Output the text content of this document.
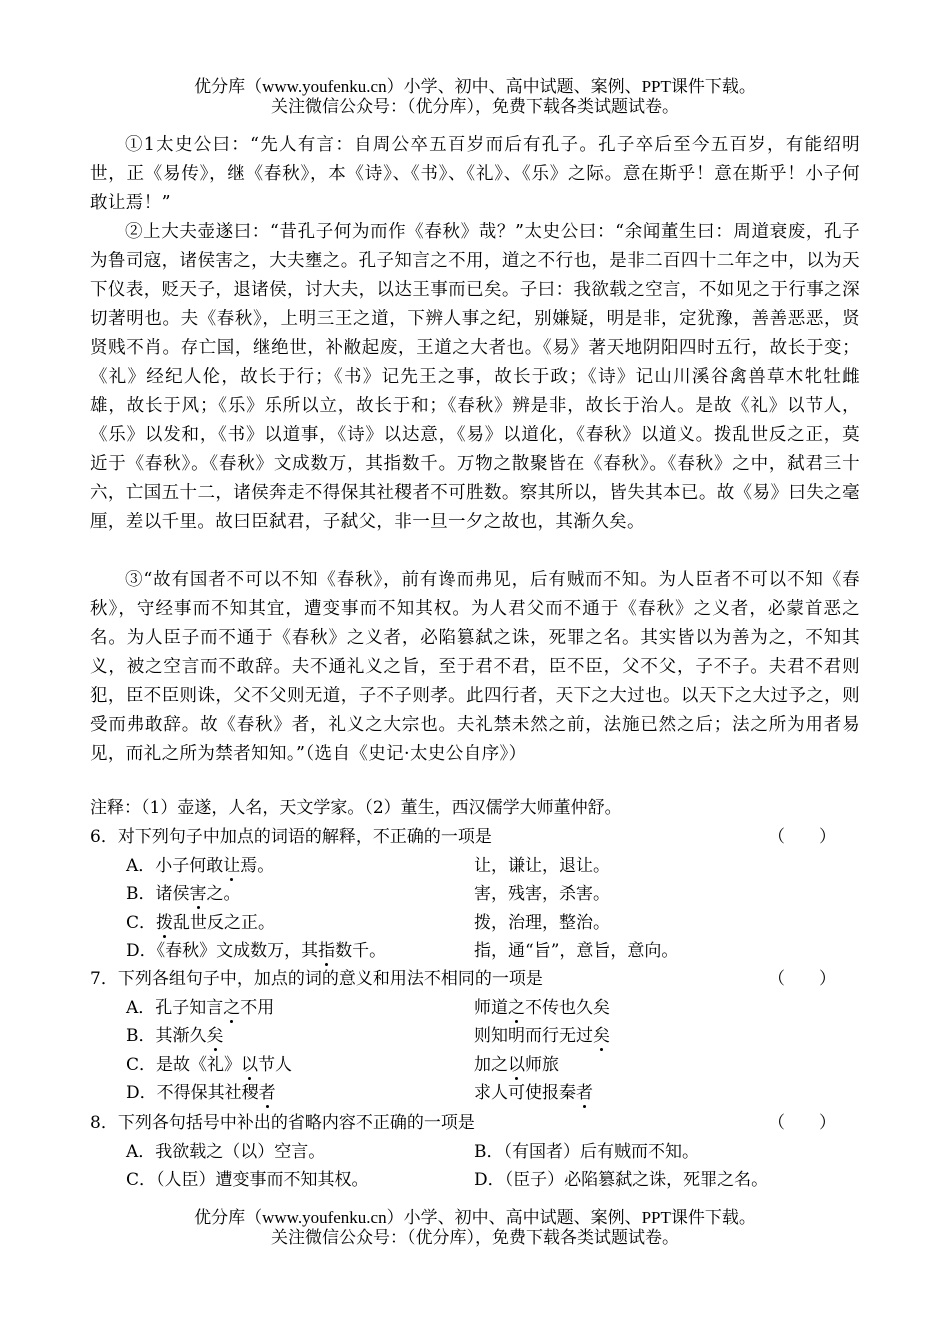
优分库（www.youfenku.cn）小学、初中、高中试题、案例、PPT课件下载。
关注微信公众号：（优分库），免费下载各类试题试卷。

①1太史公曰：“先人有言：自周公卒五百岁而后有孔子。孔子卒后至今五百岁，有能绍明世，正《易传》，继《春秋》，本《诗》、《书》、《礼》、《乐》之际。意在斯乎！意在斯乎！小子何敢让焉！”

②上大夫壶遂曰：“昔孔子何为而作《春秋》哉？”太史公曰：“余闻董生曰：周道衰废，孔子为鲁司寇，诸侯害之，大夫壅之。孔子知言之不用，道之不行也，是非二百四十二年之中，以为天下仪表，贬天子，退诸侯，讨大夫，以达王事而已矣。子曰：我欲载之空言，不如见之于行事之深切著明也。夫《春秋》，上明三王之道，下辨人事之纪，别嫌疑，明是非，定犹豫，善善恶恶，贤贤贱不肖。存亡国，继绝世，补敝起废，王道之大者也。《易》著天地阴阳四时五行，故长于变；《礼》经纪人伦，故长于行；《书》记先王之事，故长于政；《诗》记山川溪谷禽兽草木牝牡雌雄，故长于风；《乐》乐所以立，故长于和；《春秋》辨是非，故长于治人。是故《礼》以节人，《乐》以发和，《书》以道事，《诗》以达意，《易》以道化，《春秋》以道义。拨乱世反之正，莫近于《春秋》。《春秋》文成数万，其指数千。万物之散聚皆在《春秋》。《春秋》之中，弑君三十六，亡国五十二，诸侯奔走不得保其社稷者不可胜数。察其所以，皆失其本已。故《易》曰失之毫厘，差以千里。故曰臣弑君，子弑父，非一旦一夕之故也，其渐久矣。

③“故有国者不可以不知《春秋》，前有谗而弗见，后有贼而不知。为人臣者不可以不知《春秋》，守经事而不知其宜，遭变事而不知其权。为人君父而不通于《春秋》之义者，必蒙首恶之名。为人臣子而不通于《春秋》之义者，必陷篡弑之诛，死罪之名。其实皆以为善为之，不知其义，被之空言而不敢辞。夫不通礼义之旨，至于君不君，臣不臣，父不父，子不子。夫君不君则犯，臣不臣则诛，父不父则无道，子不子则孝。此四行者，天下之大过也。以天下之大过予之，则受而弗敢辞。故《春秋》者，礼义之大宗也。夫礼禁未然之前，法施已然之后；法之所为用者易见，而礼之所为禁者知知。”（选自《史记·太史公自序》）

注释：（1）壶遂，人名，天文学家。（2）董生，西汉儒学大师董仲舒。
6．对下列句子中加点的词语的解释，不正确的一项是	（　　）
A．小子何敢让焉。	让，谦让，退让。
B．诸侯害之。	害，残害，杀害。
C．拨乱世反之正。	拨，治理，整治。
D．《春秋》文成数万，其指数千。	指，通“旨”，意旨，意向。
7．下列各组句子中，加点的词的意义和用法不相同的一项是	（　　）
A．孔子知言之不用	师道之不传也久矣
B．其渐久矣	则知明而行无过矣
C．是故《礼》以节人	加之以师旅
D．不得保其社稷者	求人可使报秦者
8．下列各句括号中补出的省略内容不正确的一项是	（　　）
A．我欲载之（以）空言。	B．（有国者）后有贼而不知。
C．（人臣）遭变事而不知其权。	D．（臣子）必陷篡弑之诛，死罪之名。
优分库（www.youfenku.cn）小学、初中、高中试题、案例、PPT课件下载。
关注微信公众号：（优分库），免费下载各类试题试卷。
